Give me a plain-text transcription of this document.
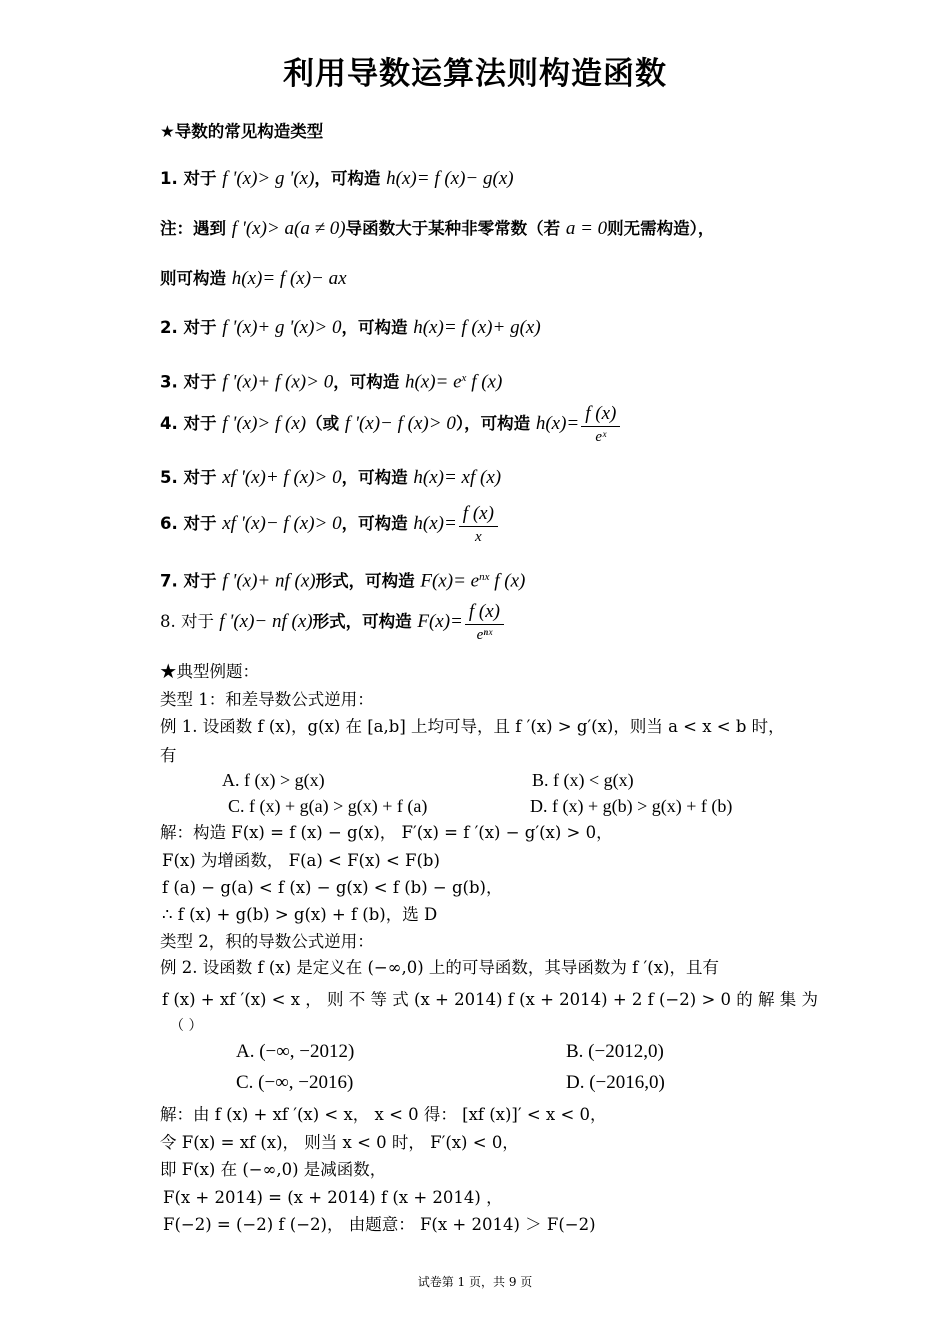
利用导数运算法则构造函数
★导数的常见构造类型
1. 对于 f '(x)> g '(x)，可构造 h(x)= f (x)− g(x)
注：遇到 f '(x)> a(a ≠ 0)导函数大于某种非零常数（若 a = 0则无需构造），
则可构造 h(x)= f (x)− ax
2. 对于 f '(x)+ g '(x)> 0，可构造 h(x)= f (x)+ g(x)
3. 对于 f '(x)+ f (x)> 0，可构造 $h(x)= e^x$ f (x)
4. 对于 f '(x)> f (x)（或 f '(x)− f (x)> 0），可构造 $h(x)= \frac{f (x)}{\text{eˣ}}$
5. 对于 xf '(x)+ f (x)> 0，可构造 h(x)= xf (x)
6. 对于 xf '(x)− f (x)> 0，可构造 $h(x)= \frac{f (x)}{x}$
7. 对于 f '(x)+ nf (x)形式，可构造 $F(x)= e^{nx}$ f (x)
8. 对于 f '(x)− nf (x)形式，可构造 $F(x)= \frac{f (x)}{\text{eⁿˣ}}$
★典型例题：
类型 1：和差导数公式逆用：
例 1. 设函数 f (x)，g(x) 在 [a,b] 上均可导，且 f ′(x) > g′(x)，则当 a < x < b 时，
有
A. f (x) > g(x)	B. f (x) < g(x)
C. f (x) + g(a) > g(x) + f (a)	D. f (x) + g(b) > g(x) + f (b)
解：构造 F(x) = f (x) − g(x)， F′(x) = f ′(x) − g′(x) > 0，
F(x) 为增函数， F(a) < F(x) < F(b)
f (a) − g(a) < f (x) − g(x) < f (b) − g(b)，
∴ f (x) + g(b) > g(x) + f (b)，选 D
类型 2，积的导数公式逆用：
例 2. 设函数 f (x) 是定义在 (−∞,0) 上的可导函数，其导函数为 f ′(x)，且有
f (x) + xf ′(x) < x ， 则 不 等 式 (x + 2014) f (x + 2014) + 2 f (−2) > 0 的 解 集 为
（ ）
A. (−∞, −2012)	B. (−2012,0)
C. (−∞, −2016)	D. (−2016,0)
解：由 f (x) + xf ′(x) < x， x < 0 得： [xf (x)]′ < x < 0，
令 F(x) = xf (x)， 则当 x < 0 时， F′(x) < 0，
即 F(x) 在 (−∞,0) 是减函数，
F(x + 2014) = (x + 2014) f (x + 2014) ，
F(−2) = (−2) f (−2)， 由题意： F(x + 2014) ＞ F(−2)
试卷第 1 页，共 9 页
